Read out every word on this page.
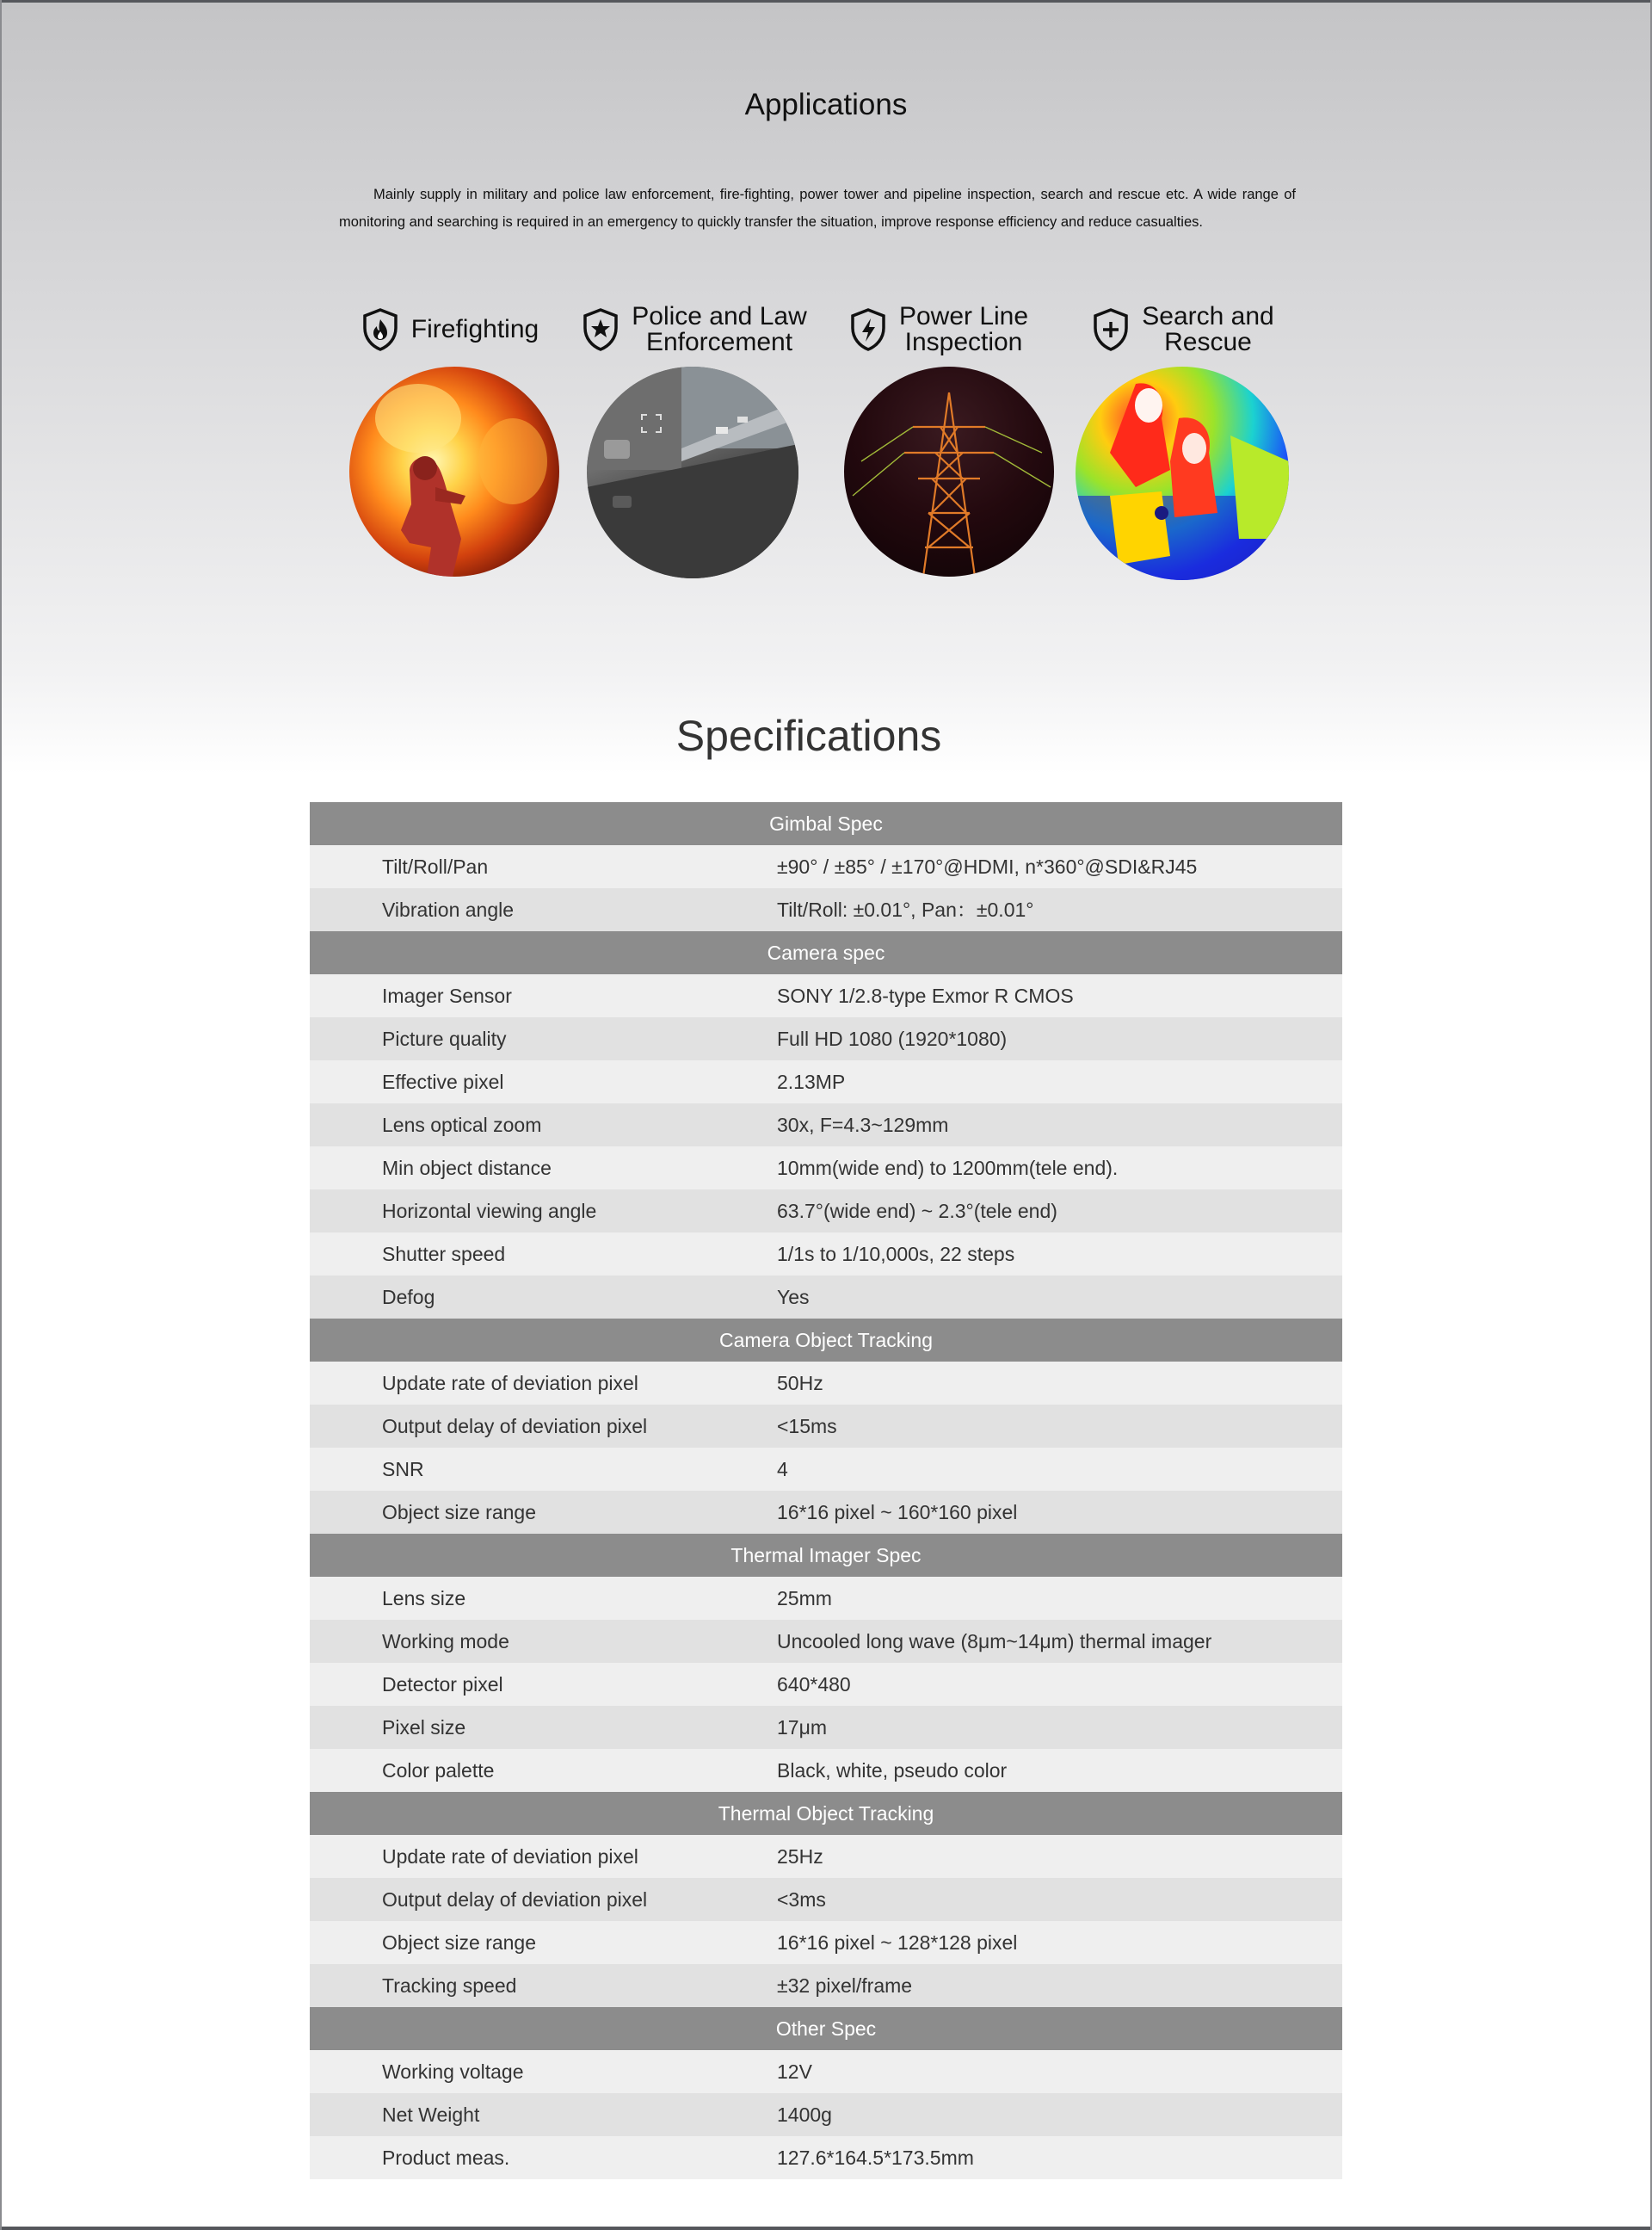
Applications

Mainly supply in military and police law enforcement, fire-fighting, power tower and pipeline inspection, search and rescue etc. A wide range of monitoring and searching is required in an emergency to quickly transfer the situation, improve response efficiency and reduce casualties.

Firefighting	Police and Law
Enforcement
Power Line
Inspection
Search and
Rescue
Specifications
Gimbal Spec
Tilt/Roll/Pan	±90° / ±85° / ±170°@HDMI, n*360°@SDI&RJ45
Vibration angle	Tilt/Roll: ±0.01°, Pan：±0.01°
Camera spec
Imager Sensor	SONY 1/2.8-type Exmor R CMOS
Picture quality	Full HD 1080 (1920*1080)
Effective pixel	2.13MP
Lens optical zoom	30x, F=4.3~129mm
Min object distance	10mm(wide end) to 1200mm(tele end).
Horizontal viewing angle	63.7°(wide end) ~ 2.3°(tele end)
Shutter speed	1/1s to 1/10,000s, 22 steps
Defog	Yes
Camera Object Tracking
Update rate of deviation pixel	50Hz
Output delay of deviation pixel	<15ms
SNR	4
Object size range	16*16 pixel ~ 160*160 pixel
Thermal Imager Spec
Lens size	25mm
Working mode	Uncooled long wave (8μm~14μm) thermal imager
Detector pixel	640*480
Pixel size	17μm
Color palette	Black, white, pseudo color
Thermal Object Tracking
Update rate of deviation pixel	25Hz
Output delay of deviation pixel	<3ms
Object size range	16*16 pixel ~ 128*128 pixel
Tracking speed	±32 pixel/frame
Other Spec
Working voltage	12V
Net Weight	1400g
Product meas.	127.6*164.5*173.5mm
